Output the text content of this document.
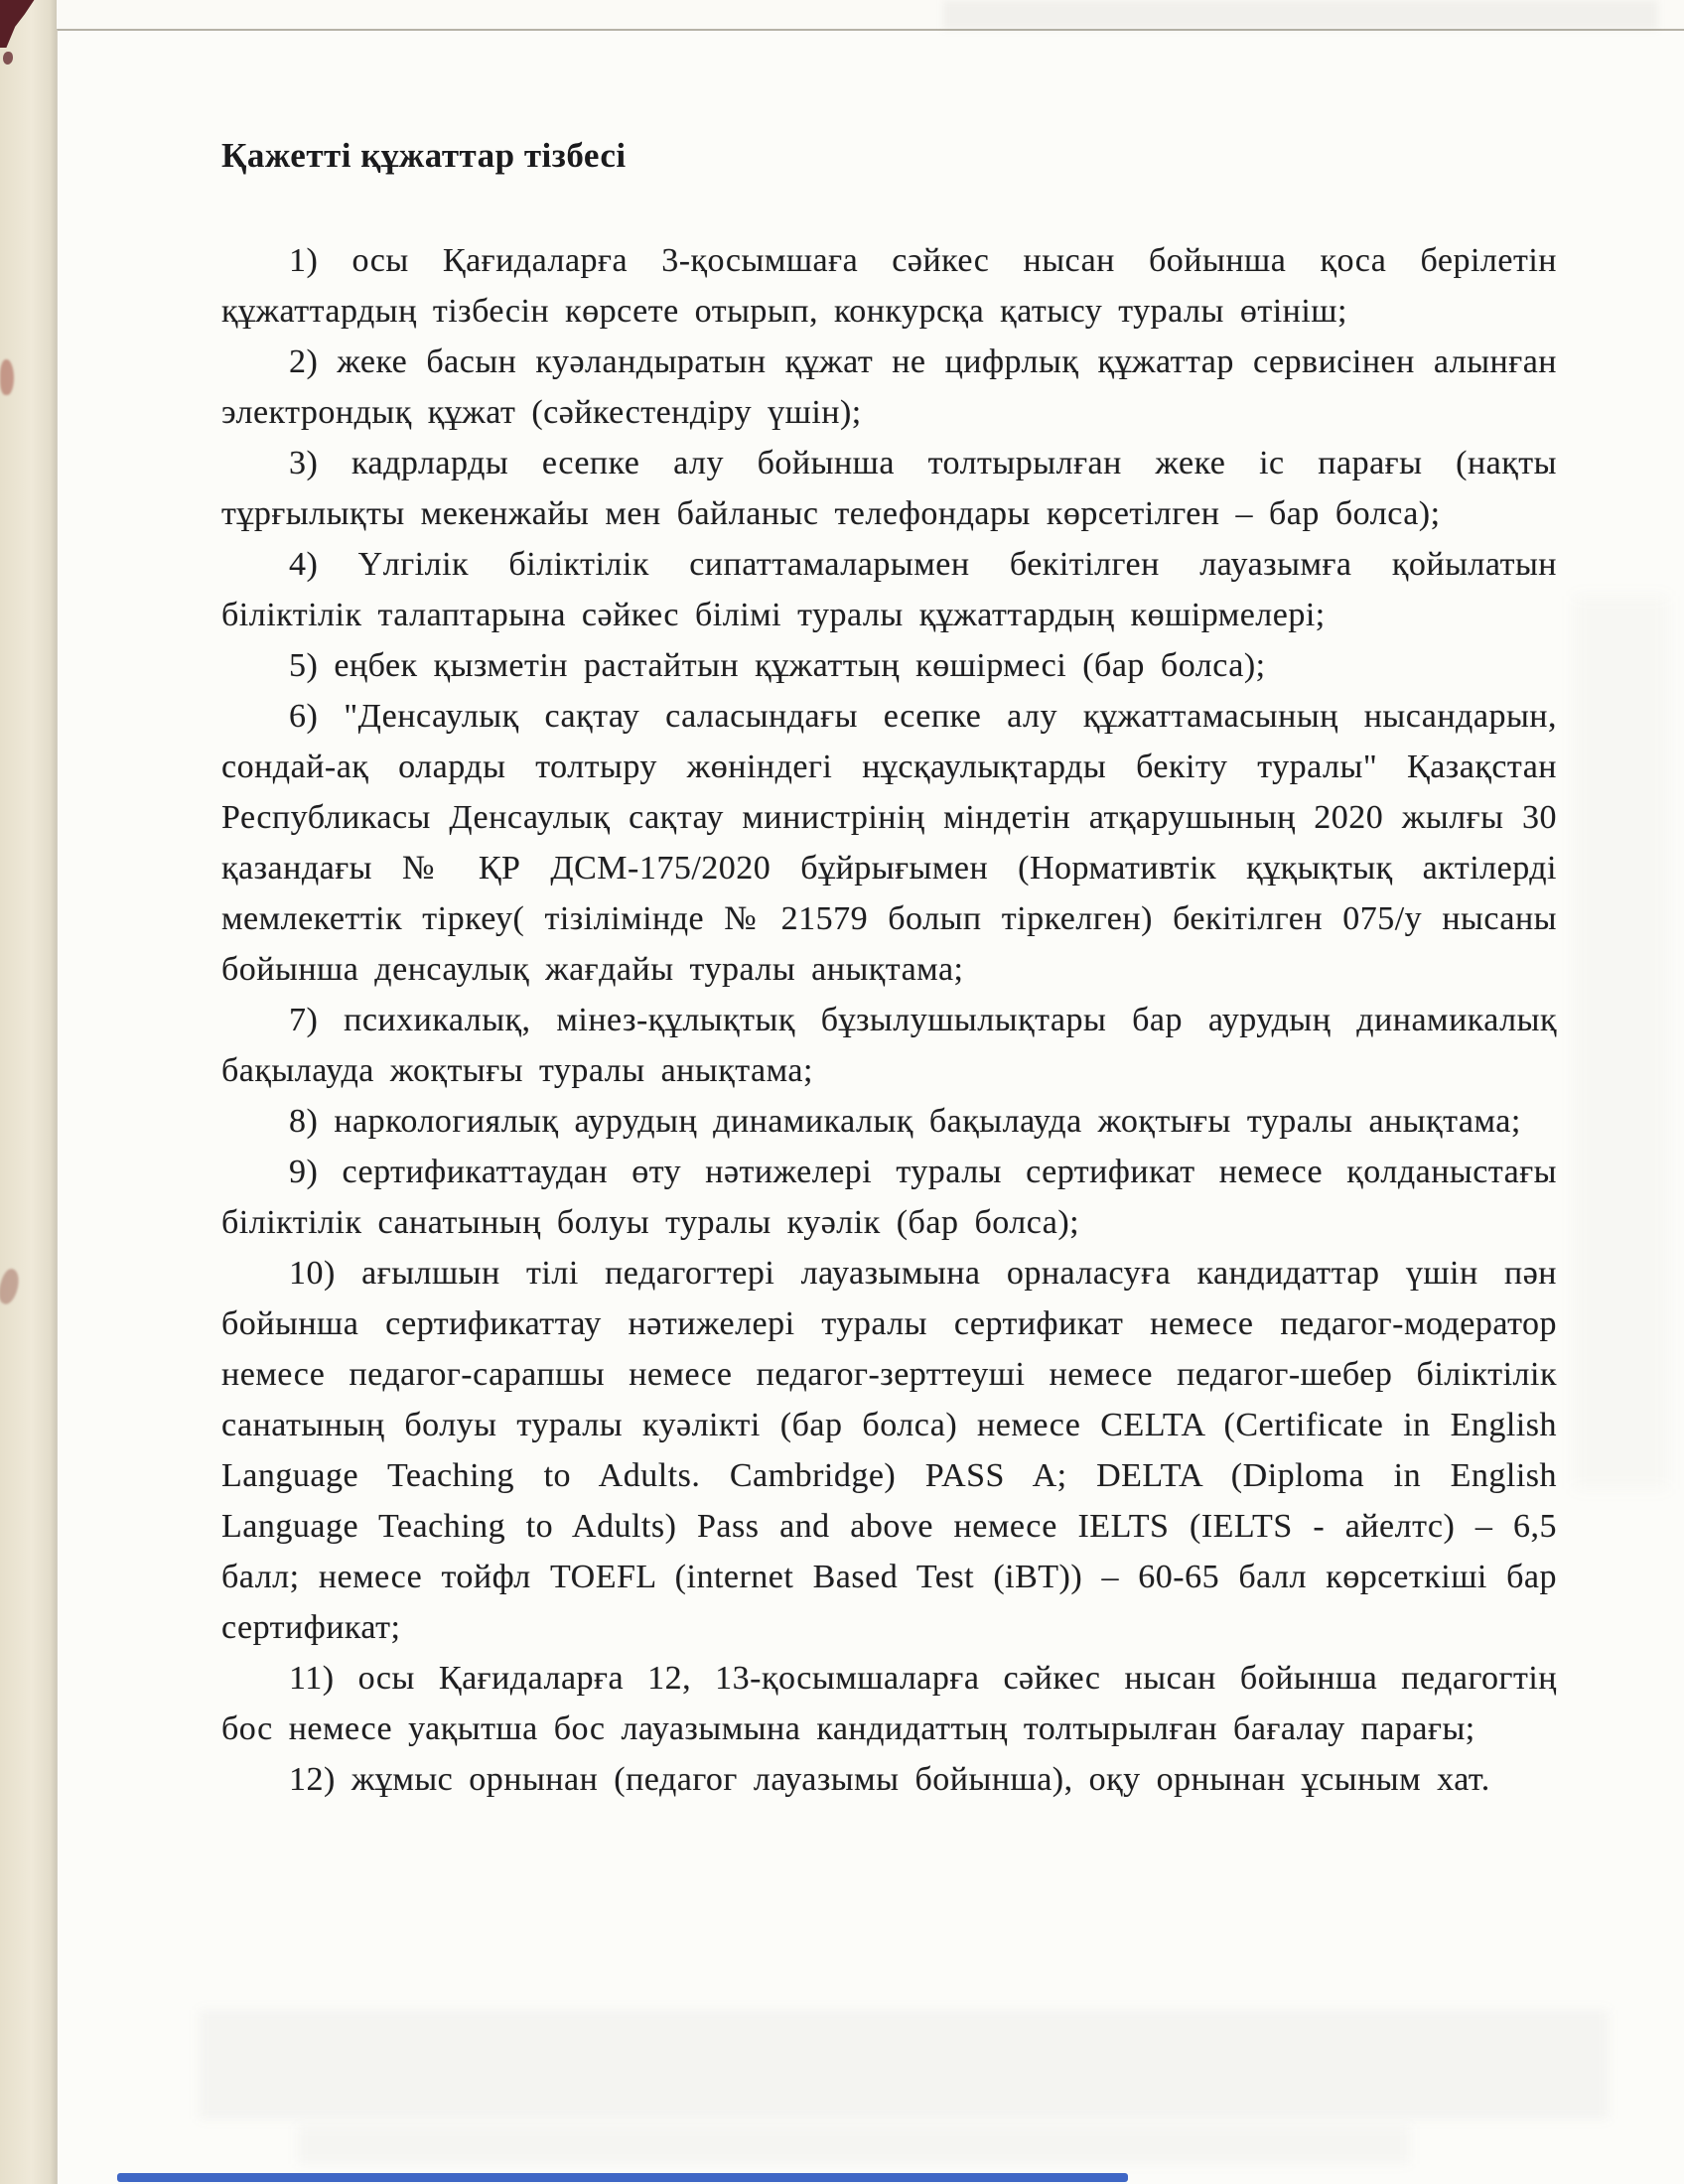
Қажетті құжаттар тізбесі

1) осы Қағидаларға 3-қосымшаға сәйкес нысан бойынша қоса берілетін құжаттардың тізбесін көрсете отырып, конкурсқа қатысу туралы өтініш;

2) жеке басын куәландыратын құжат не цифрлық құжаттар сервисінен алынған электрондық құжат (сәйкестендіру үшін);

3) кадрларды есепке алу бойынша толтырылған жеке іс парағы (нақты тұрғылықты мекенжайы мен байланыс телефондары көрсетілген – бар болса);

4) Үлгілік біліктілік сипаттамаларымен бекітілген лауазымға қойылатын біліктілік талаптарына сәйкес білімі туралы құжаттардың көшірмелері;

5) еңбек қызметін растайтын құжаттың көшірмесі (бар болса);

6) "Денсаулық сақтау саласындағы есепке алу құжаттамасының нысандарын, сондай-ақ оларды толтыру жөніндегі нұсқаулықтарды бекіту туралы" Қазақстан Республикасы Денсаулық сақтау министрінің міндетін атқарушының 2020 жылғы 30 қазандағы № ҚР ДСМ-175/2020 бұйрығымен (Нормативтік құқықтық актілерді мемлекеттік тіркеу( тізілімінде № 21579 болып тіркелген) бекітілген 075/у нысаны бойынша денсаулық жағдайы туралы анықтама;

7) психикалық, мінез-құлықтық бұзылушылықтары бар аурудың динамикалық бақылауда жоқтығы туралы анықтама;

8) наркологиялық аурудың динамикалық бақылауда жоқтығы туралы анықтама;

9) сертификаттаудан өту нәтижелері туралы сертификат немесе қолданыстағы біліктілік санатының болуы туралы куәлік (бар болса);

10) ағылшын тілі педагогтері лауазымына орналасуға кандидаттар үшін пән бойынша сертификаттау нәтижелері туралы сертификат немесе педагог-модератор немесе педагог-сарапшы немесе педагог-зерттеуші немесе педагог-шебер біліктілік санатының болуы туралы куәлікті (бар болса) немесе CELTA (Certificate in English Language Teaching to Adults. Cambridge) PASS A; DELTA (Diploma in English Language Teaching to Adults) Pass and above немесе IELTS (IELTS - айелтс) – 6,5 балл; немесе тойфл TOEFL (internet Based Test (iBT)) – 60-65 балл көрсеткіші бар сертификат;

11) осы Қағидаларға 12, 13-қосымшаларға сәйкес нысан бойынша педагогтің бос немесе уақытша бос лауазымына кандидаттың толтырылған бағалау парағы;

12) жұмыс орнынан (педагог лауазымы бойынша), оқу орнынан ұсыным хат.
